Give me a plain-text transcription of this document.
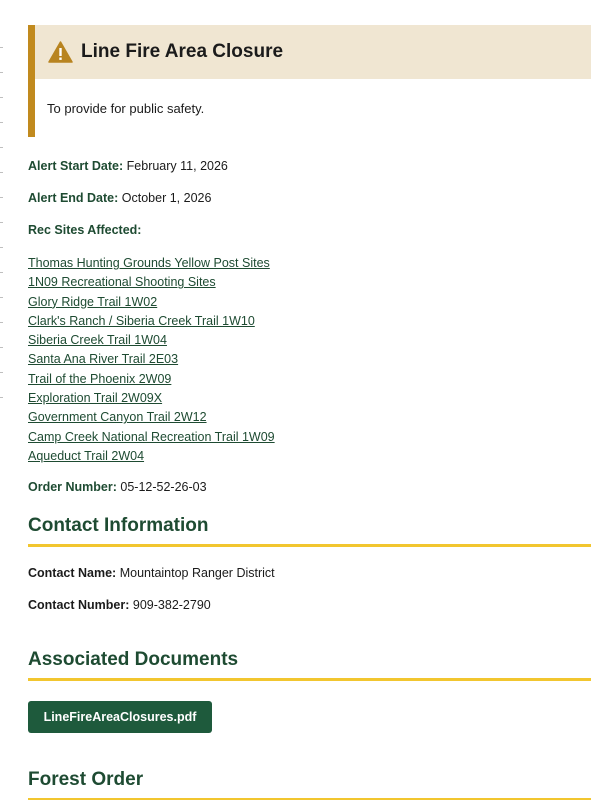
Line Fire Area Closure

To provide for public safety.

Alert Start Date: February 11, 2026
Alert End Date: October 1, 2026
Rec Sites Affected:
Thomas Hunting Grounds Yellow Post Sites
1N09 Recreational Shooting Sites
Glory Ridge Trail 1W02
Clark's Ranch / Siberia Creek Trail 1W10
Siberia Creek Trail 1W04
Santa Ana River Trail 2E03
Trail of the Phoenix 2W09
Exploration Trail 2W09X
Government Canyon Trail 2W12
Camp Creek National Recreation Trail 1W09
Aqueduct Trail 2W04
Order Number: 05-12-52-26-03
Contact Information
Contact Name: Mountaintop Ranger District
Contact Number: 909-382-2790
Associated Documents
LineFireAreaClosures.pdf
Forest Order
